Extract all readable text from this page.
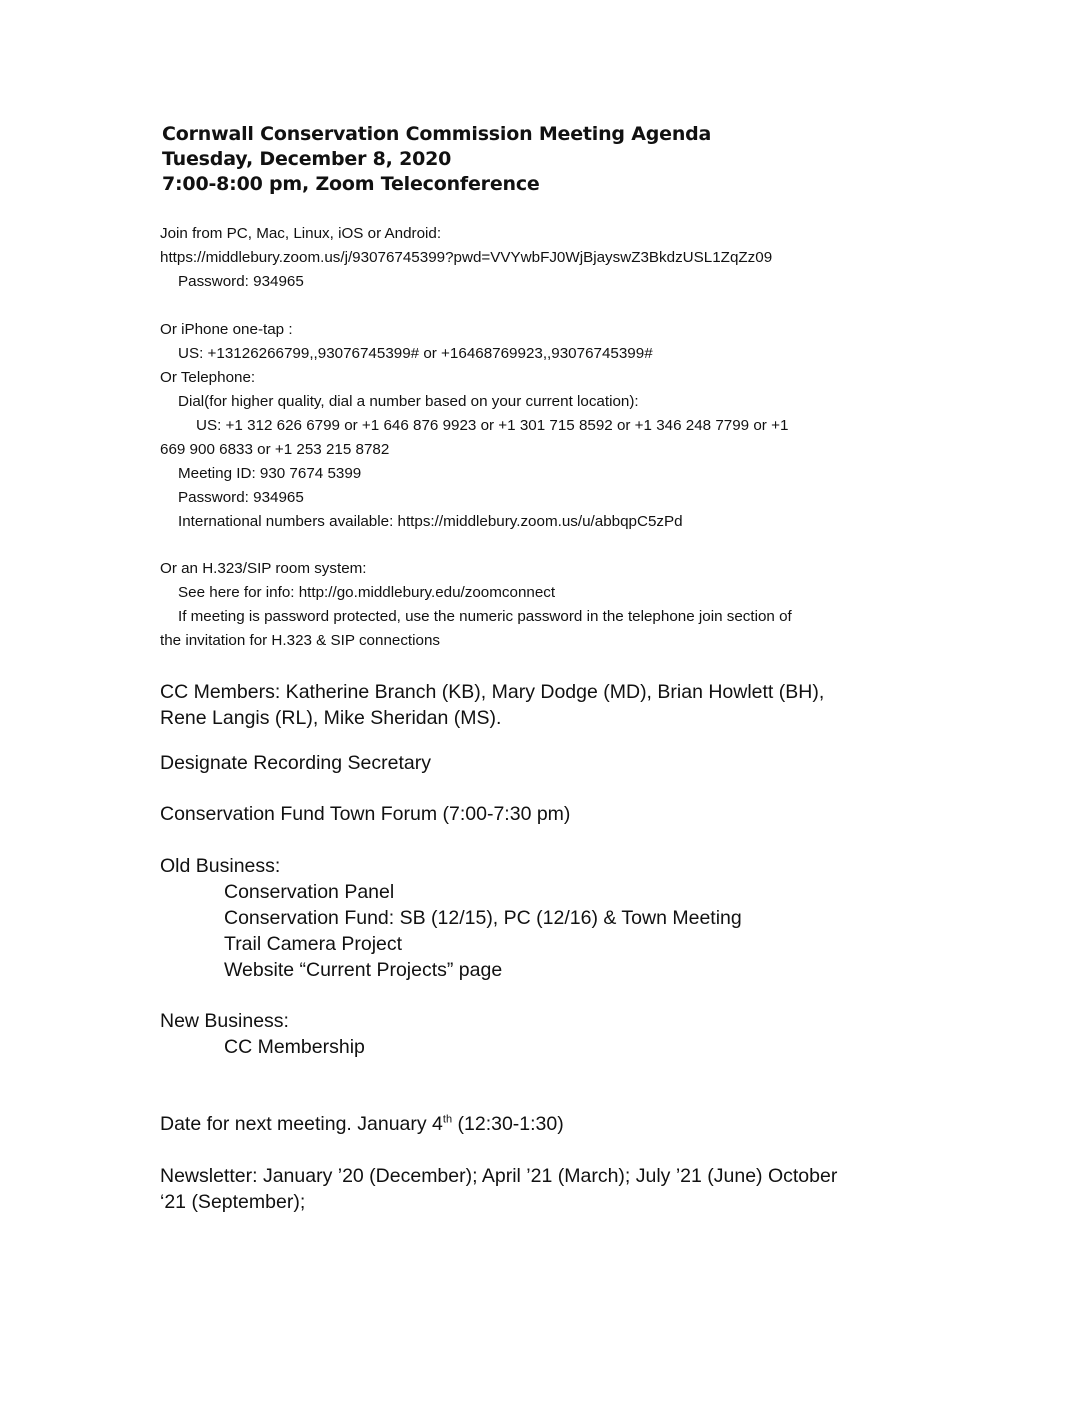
Cornwall Conservation Commission Meeting Agenda
Tuesday, December 8, 2020
7:00-8:00 pm, Zoom Teleconference
Join from PC, Mac, Linux, iOS or Android:
https://middlebury.zoom.us/j/93076745399?pwd=VVYwbFJ0WjBjayswZ3BkdzUSL1ZqZz09
Password: 934965
Or iPhone one-tap :
US: +13126266799,,93076745399# or +16468769923,,93076745399#
Or Telephone:
Dial(for higher quality, dial a number based on your current location):
US: +1 312 626 6799 or +1 646 876 9923 or +1 301 715 8592 or +1 346 248 7799 or +1
669 900 6833 or +1 253 215 8782
Meeting ID: 930 7674 5399
Password: 934965
International numbers available: https://middlebury.zoom.us/u/abbqpC5zPd
Or an H.323/SIP room system:
See here for info: http://go.middlebury.edu/zoomconnect
If meeting is password protected, use the numeric password in the telephone join section of
the invitation for H.323 & SIP connections
CC Members: Katherine Branch (KB), Mary Dodge (MD), Brian Howlett (BH),
Rene Langis (RL), Mike Sheridan (MS).
Designate Recording Secretary
Conservation Fund Town Forum (7:00-7:30 pm)
Old Business:
Conservation Panel
Conservation Fund: SB (12/15), PC (12/16) & Town Meeting
Trail Camera Project
Website “Current Projects” page
New Business:
CC Membership
Date for next meeting. January 4th (12:30-1:30)
Newsletter: January ’20 (December); April ’21 (March); July ’21 (June) October
‘21 (September);
